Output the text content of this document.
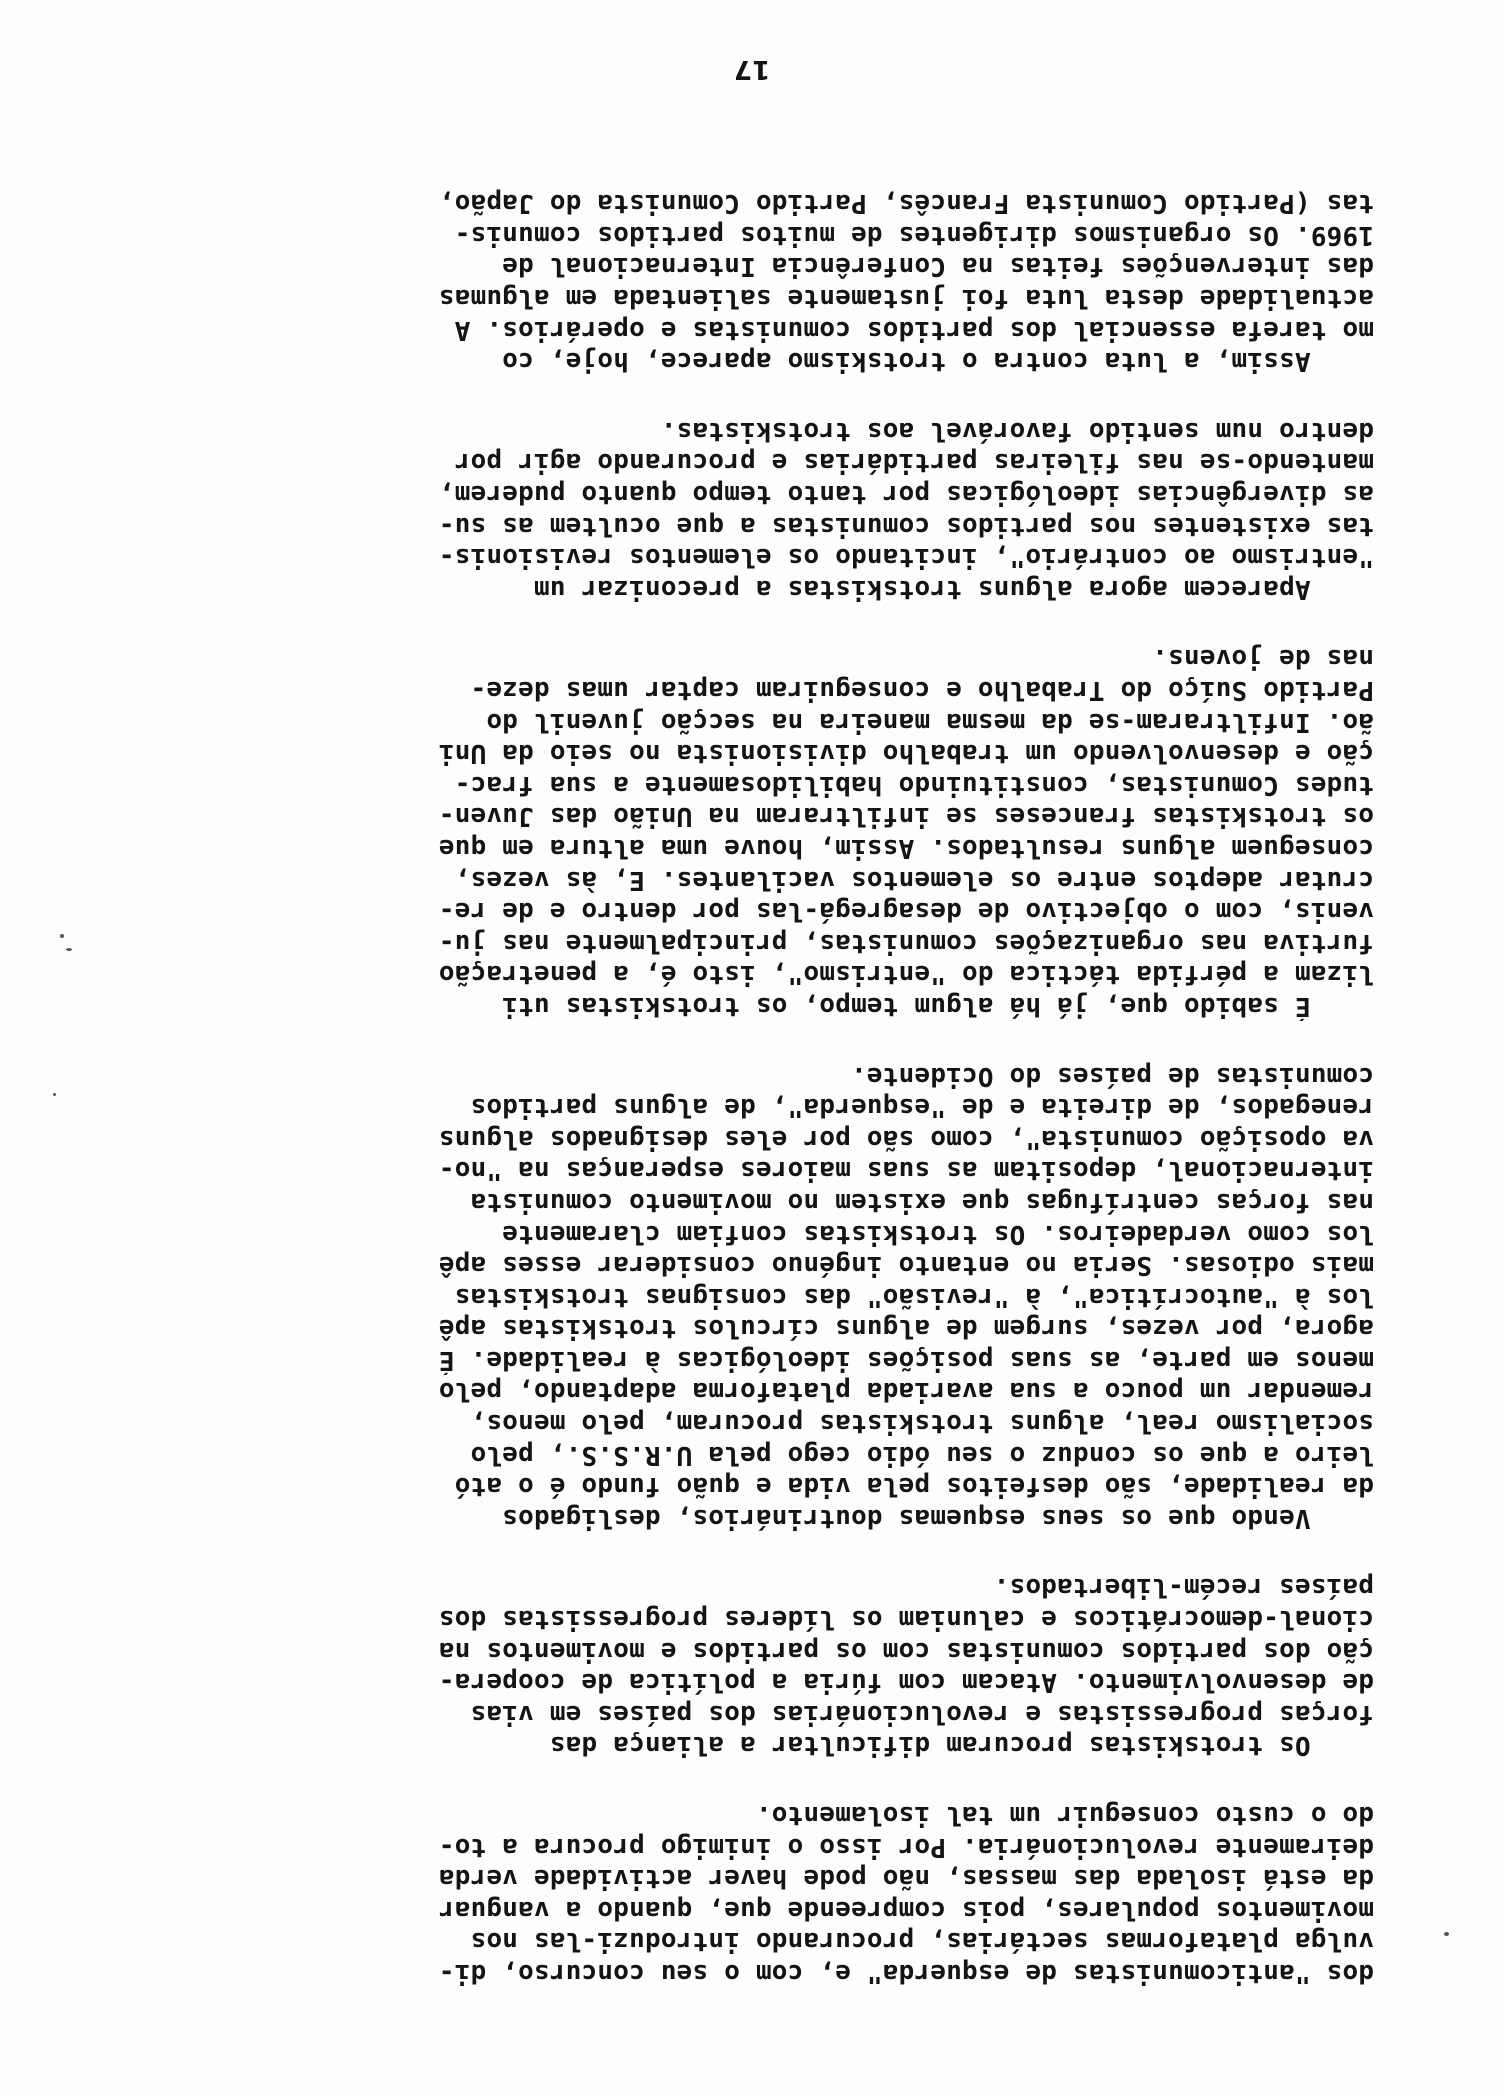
dos "anticomunistas de esquerda" e, com o seu concurso, di-
vulga plataformas sectárias, procurando introduzi-las nos
movimentos populares, pois compreende que, quando a vanguar
da está isolada das massas, não pode haver actividade verda
deiramente revolucionária. Por isso o inimigo procura a to-
do o custo conseguir um tal isolamento.
Os trotskistas procuram dificultar a aliança das
forças progressistas e revolucionárias dos países em vias
de desenvolvimento. Atacam com fúria a política de coopera-
ção dos partidos comunistas com os partidos e movimentos na
cional-democráticos e caluniam os líderes progressistas dos
países recém-libertados.
Vendo que os seus esquemas doutrinários, desligados
da realidade, são desfeitos pela vida e quão fundo é o ató
leiro a que os conduz o seu ódio cego pela U.R.S.S., pelo
socialismo real, alguns trotskistas procuram, pelo menos,
remendar um pouco a sua avariada plataforma adaptando, pelo
menos em parte, as suas posições ideológicas à realidade. É
agora, por vezes, surgem de alguns círculos trotskistas apê
los à "autocrítica", à "revisão" das consignas trotskistas
mais odiosas. Seria no entanto ingénuo considerar esses apê
los como verdadeiros. Os trotskistas confiam claramente
nas forças centrífugas que existem no movimento comunista
internacional, depositam as suas maiores esperanças na "no-
va oposição comunista", como são por eles designados alguns
renegados, de direita e de "esquerda", de alguns partidos
comunistas de países do Ocidente.
É sabido que, já há algum tempo, os trotskistas uti
lizam a pérfida táctica do "entrismo", isto é, a penetração
furtiva nas organizações comunistas, principalmente nas ju-
venis, com o objectivo de desagregá-las por dentro e de re-
crutar adeptos entre os elementos vacilantes. E, às vezes,
conseguem alguns resultados. Assim, houve uma altura em que
os trotskistas franceses se infiltraram na União das Juven-
tudes Comunistas, constituindo habilidosamente a sua frac-
ção e desenvolvendo um trabalho divisionista no seio da Uni
ão. Infiltraram-se da mesma maneira na secção juvenil do
Partido Suíço do Trabalho e conseguiram captar umas deze-
nas de jovens.
Aparecem agora alguns trotskistas a preconizar um
"entrismo ao contrário", incitando os elementos revisionis-
tas existentes nos partidos comunistas a que ocultem as su-
as divergências ideológicas por tanto tempo quanto puderem,
mantendo-se nas fileiras partidárias e procurando agir por
dentro num sentido favorável aos trotskistas.
Assim, a luta contra o trotskismo aparece, hoje, co
mo tarefa essencial dos partidos comunistas e operários. A
actualidade desta luta foi justamente salientada em algumas
das intervenções feitas na Conferência Internacional de
1969. Os organismos dirigentes de muitos partidos comunis-
tas (Partido Comunista Francês, Partido Comunista do Japão,
17
